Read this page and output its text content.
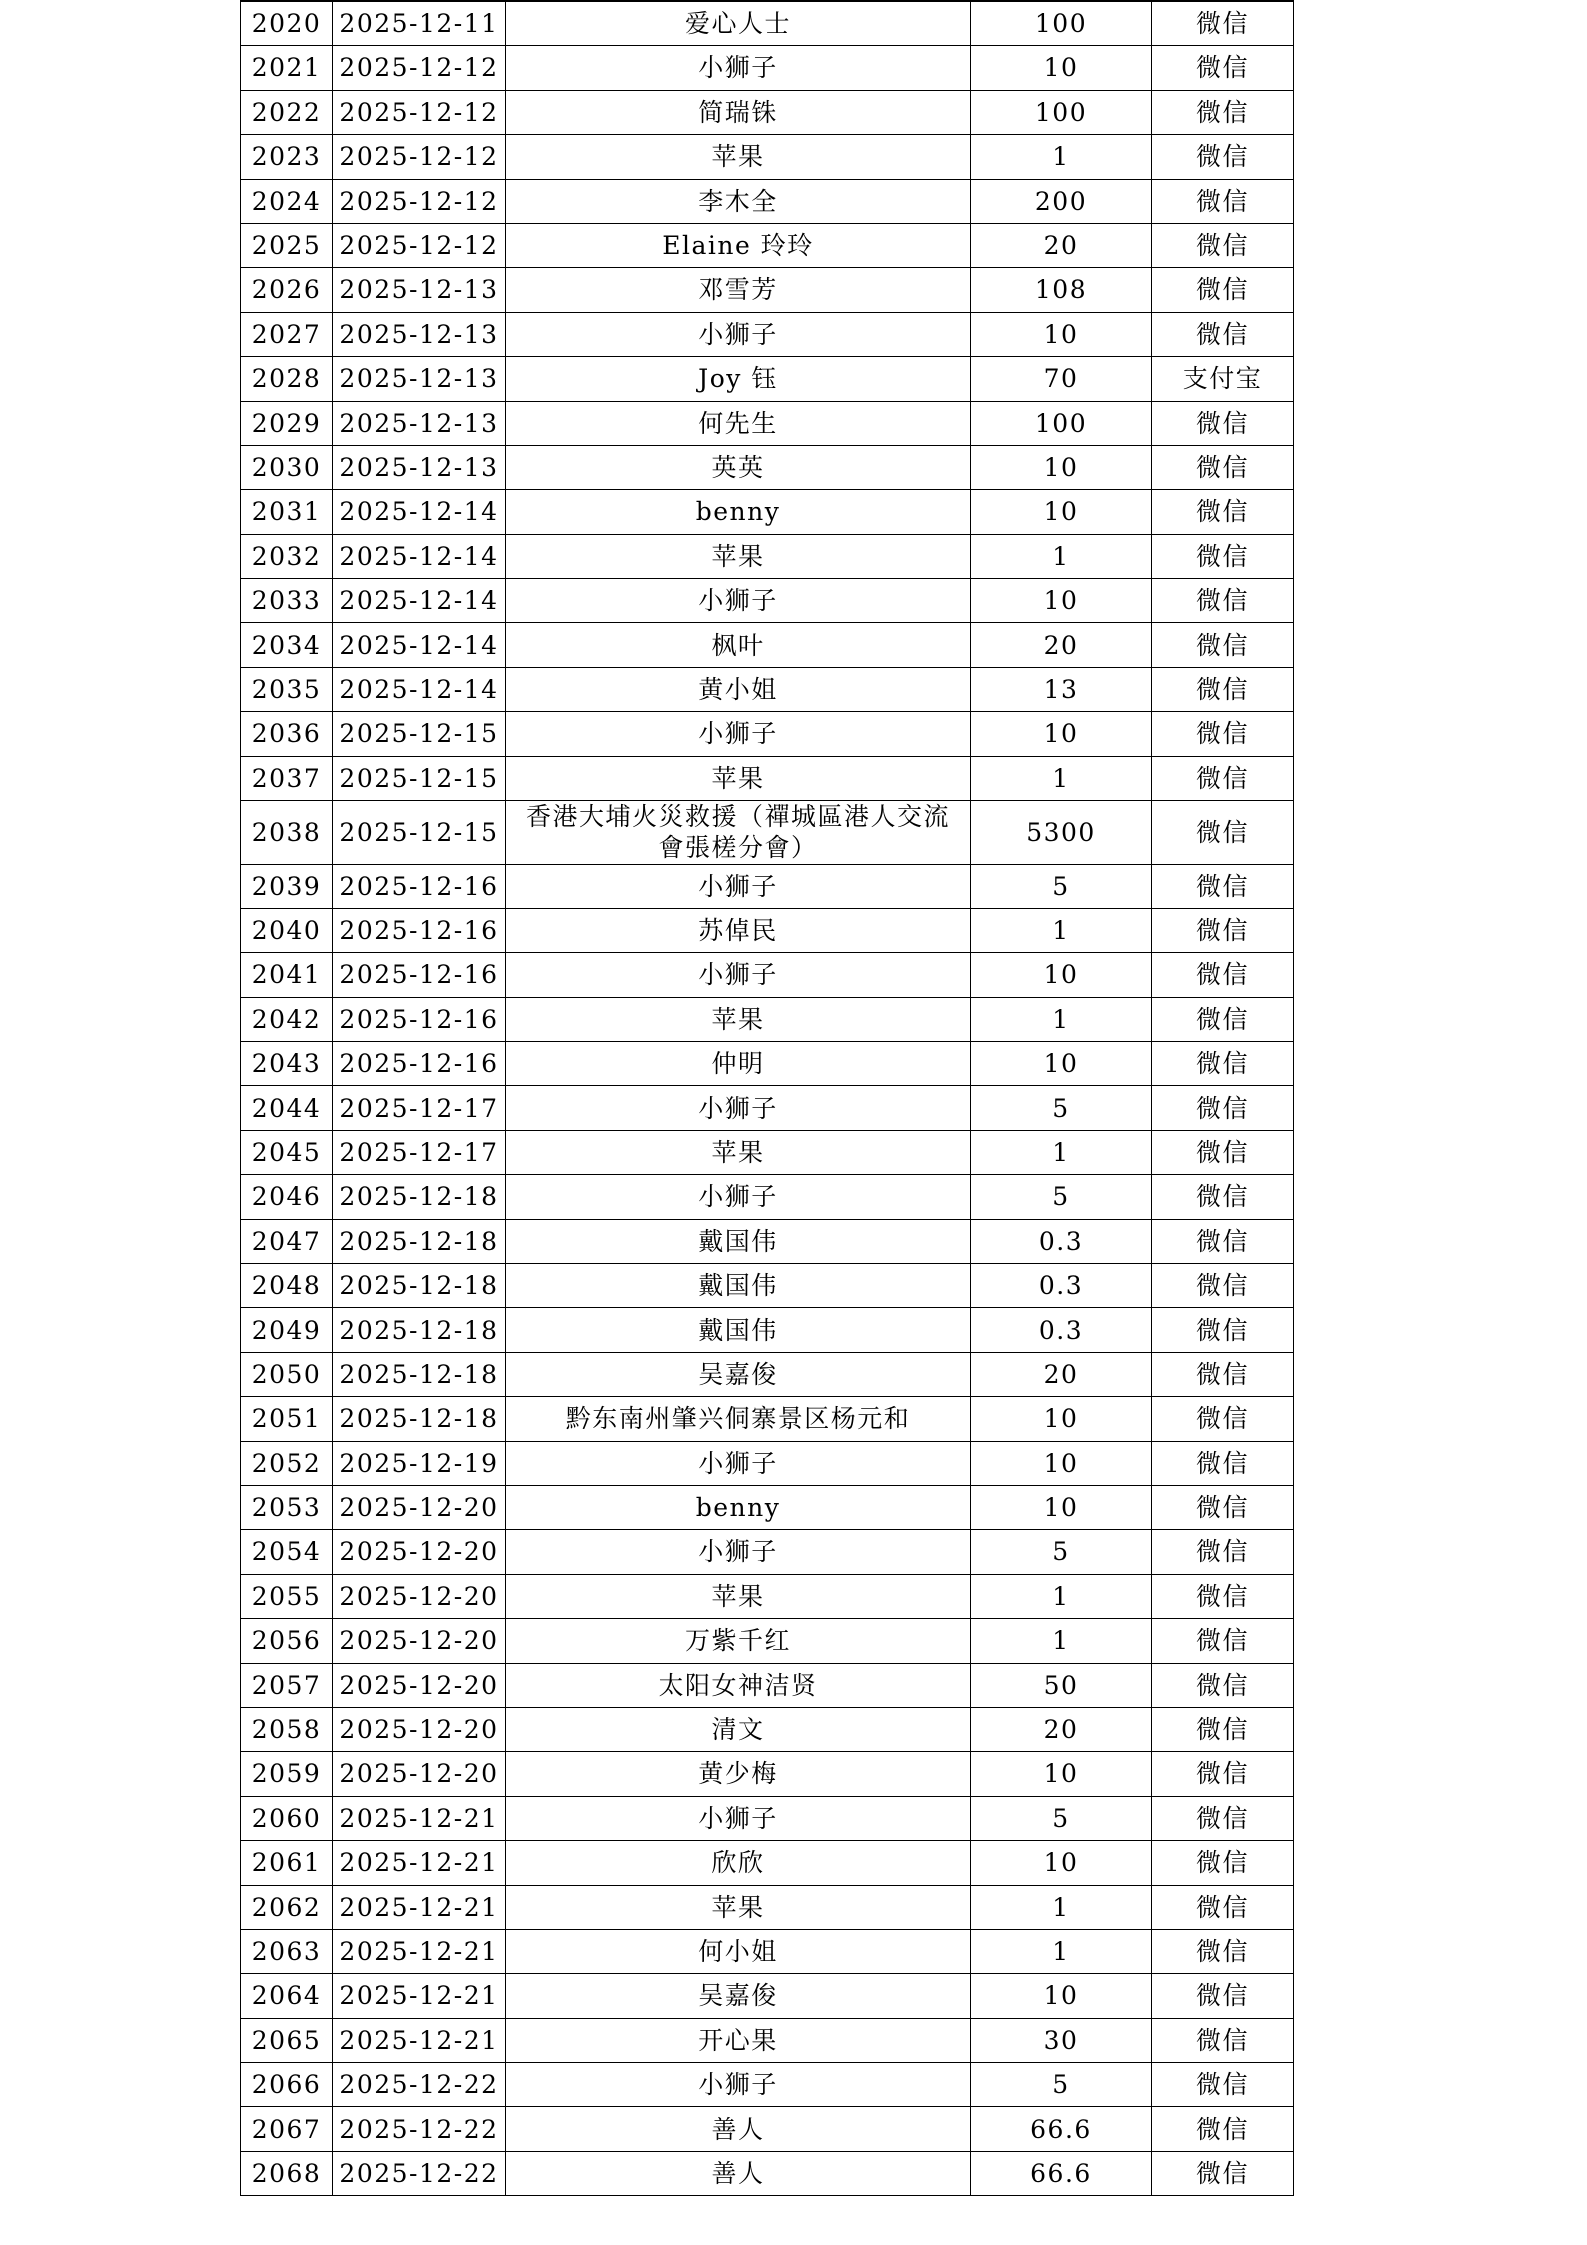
2020	2025-12-11	爱心人士	100	微信
2021	2025-12-12	小狮子	10	微信
2022	2025-12-12	简瑞铢	100	微信
2023	2025-12-12	苹果	1	微信
2024	2025-12-12	李木全	200	微信
2025	2025-12-12	Elaine 玲玲	20	微信
2026	2025-12-13	邓雪芳	108	微信
2027	2025-12-13	小狮子	10	微信
2028	2025-12-13	Joy 钰	70	支付宝
2029	2025-12-13	何先生	100	微信
2030	2025-12-13	英英	10	微信
2031	2025-12-14	benny	10	微信
2032	2025-12-14	苹果	1	微信
2033	2025-12-14	小狮子	10	微信
2034	2025-12-14	枫叶	20	微信
2035	2025-12-14	黄小姐	13	微信
2036	2025-12-15	小狮子	10	微信
2037	2025-12-15	苹果	1	微信
2038	2025-12-15	香港大埔火災救援（禪城區港人交流會張槎分會）	5300	微信
2039	2025-12-16	小狮子	5	微信
2040	2025-12-16	苏倬民	1	微信
2041	2025-12-16	小狮子	10	微信
2042	2025-12-16	苹果	1	微信
2043	2025-12-16	仲明	10	微信
2044	2025-12-17	小狮子	5	微信
2045	2025-12-17	苹果	1	微信
2046	2025-12-18	小狮子	5	微信
2047	2025-12-18	戴国伟	0.3	微信
2048	2025-12-18	戴国伟	0.3	微信
2049	2025-12-18	戴国伟	0.3	微信
2050	2025-12-18	吴嘉俊	20	微信
2051	2025-12-18	黔东南州肇兴侗寨景区杨元和	10	微信
2052	2025-12-19	小狮子	10	微信
2053	2025-12-20	benny	10	微信
2054	2025-12-20	小狮子	5	微信
2055	2025-12-20	苹果	1	微信
2056	2025-12-20	万紫千红	1	微信
2057	2025-12-20	太阳女神洁贤	50	微信
2058	2025-12-20	清文	20	微信
2059	2025-12-20	黄少梅	10	微信
2060	2025-12-21	小狮子	5	微信
2061	2025-12-21	欣欣	10	微信
2062	2025-12-21	苹果	1	微信
2063	2025-12-21	何小姐	1	微信
2064	2025-12-21	吴嘉俊	10	微信
2065	2025-12-21	开心果	30	微信
2066	2025-12-22	小狮子	5	微信
2067	2025-12-22	善人	66.6	微信
2068	2025-12-22	善人	66.6	微信
